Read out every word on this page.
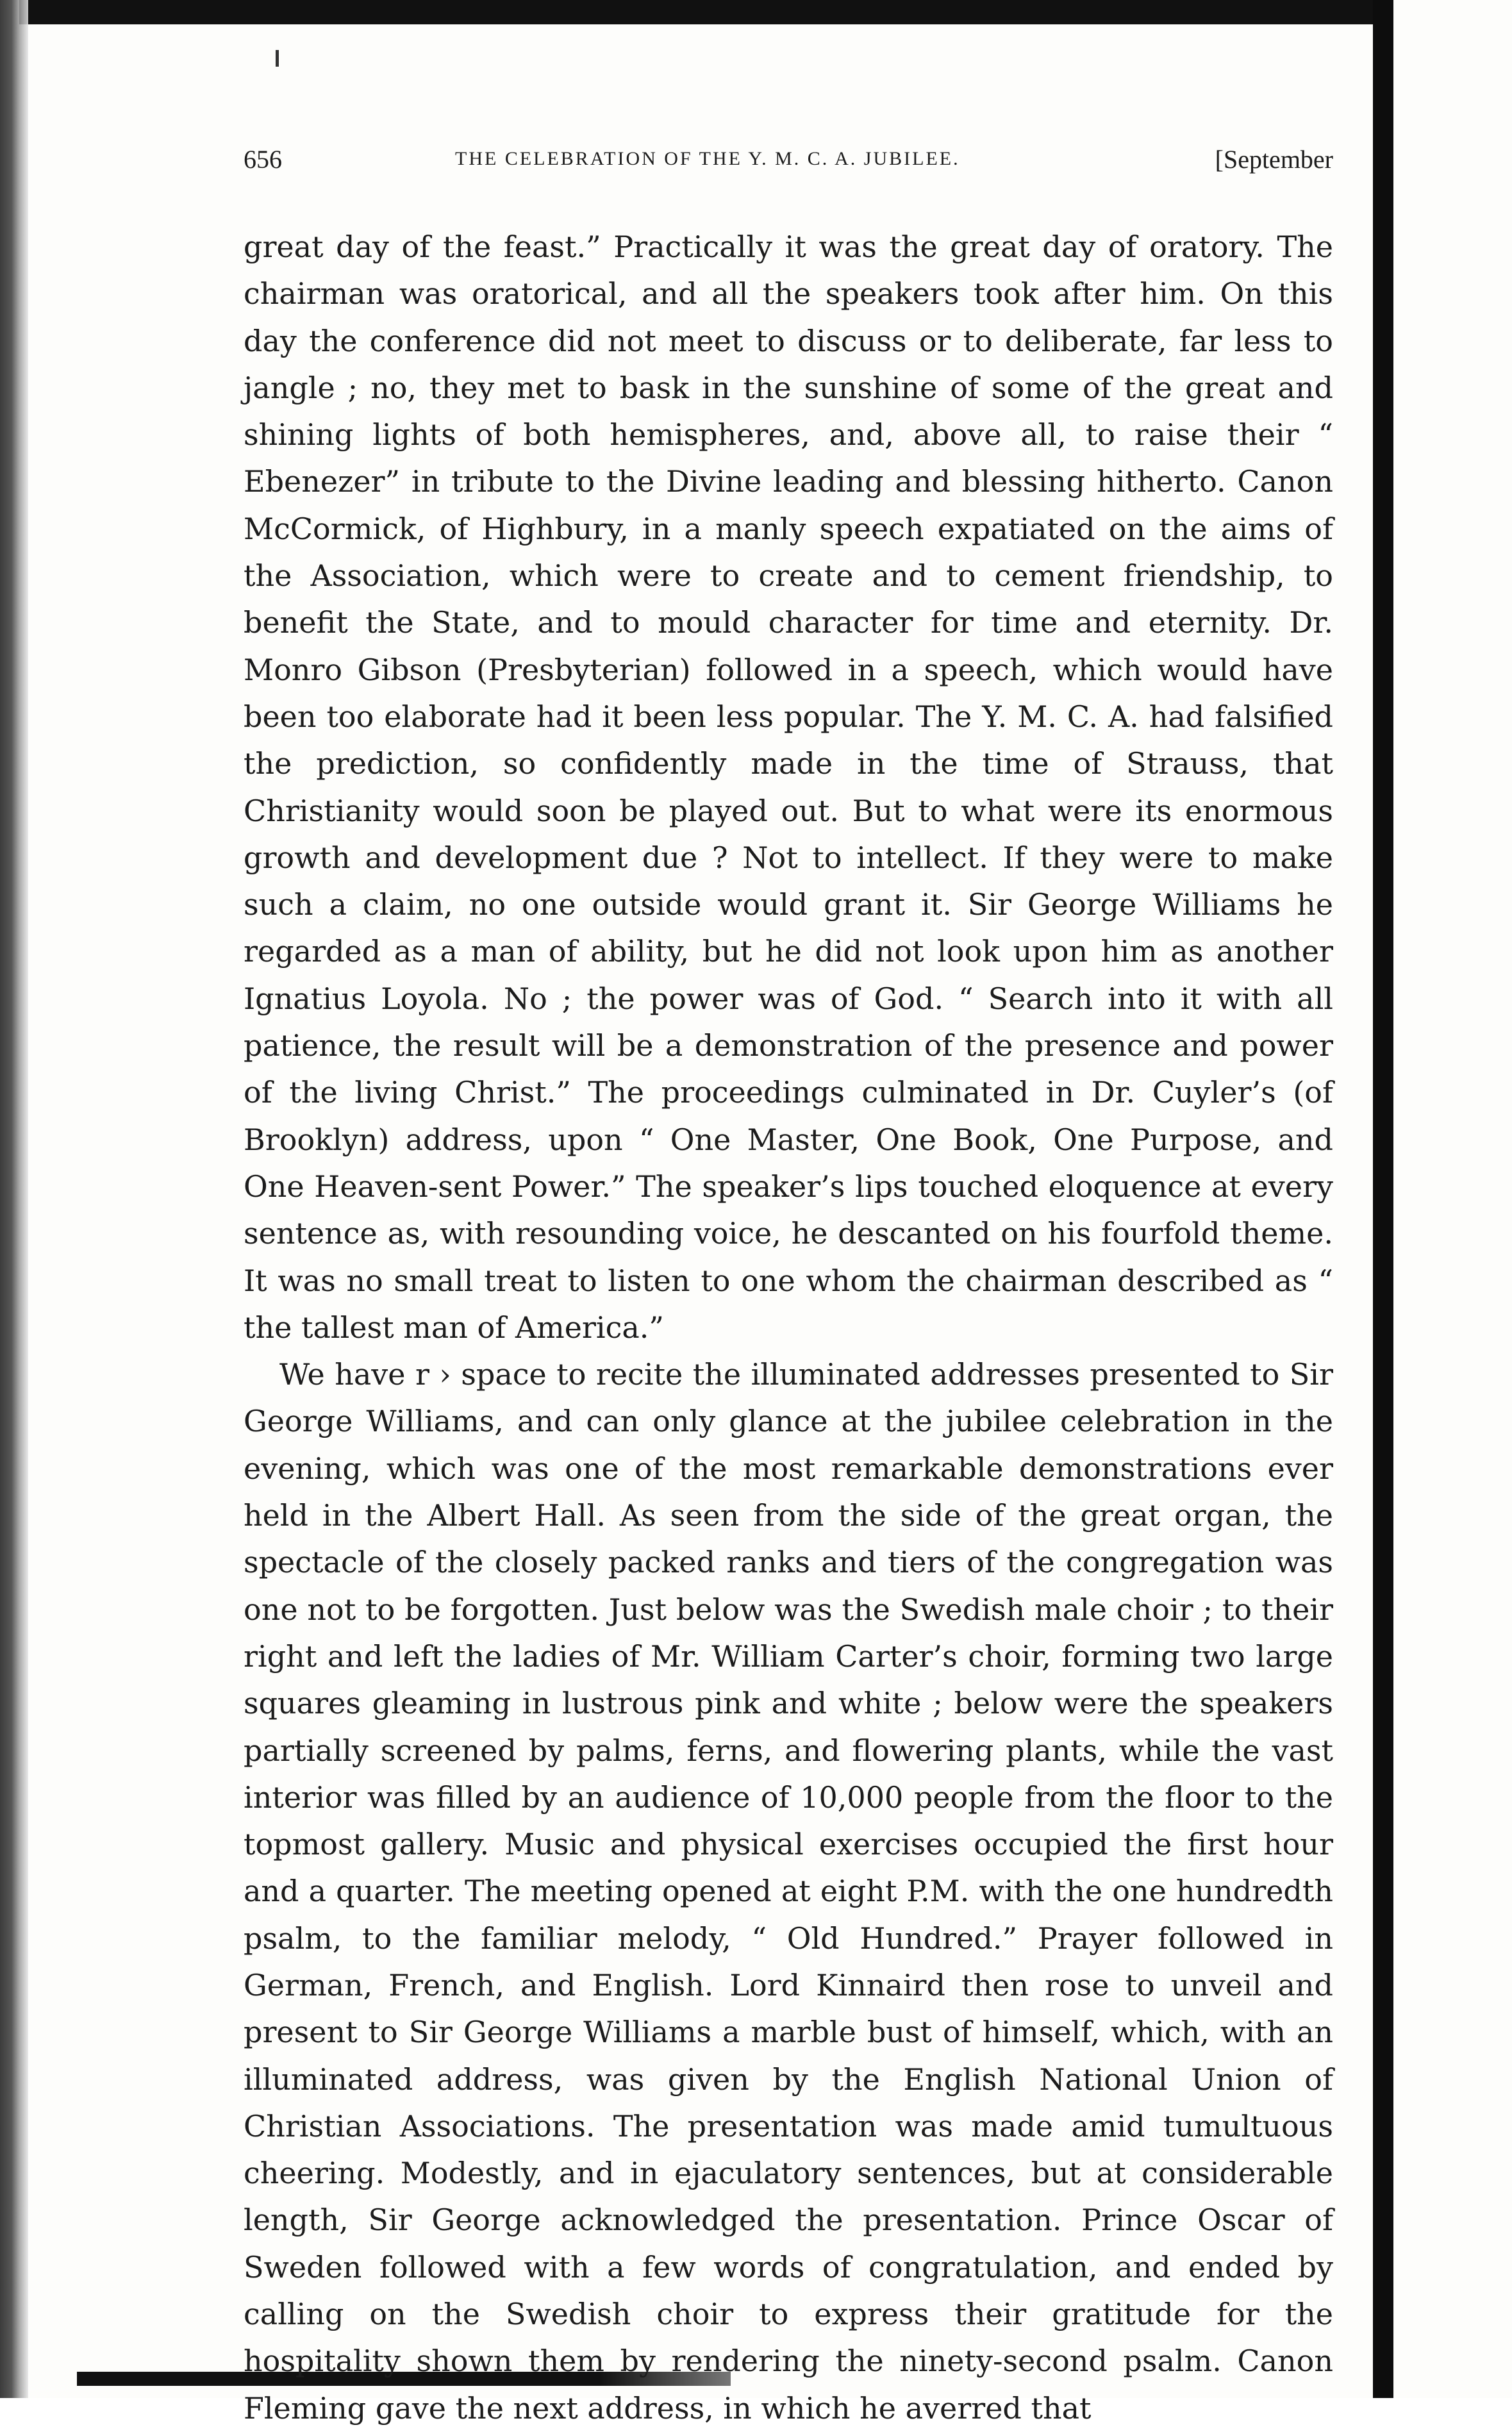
656	THE CELEBRATION OF THE Y. M. C. A. JUBILEE.	[September

great day of the feast.” Practically it was the great day of oratory. The chairman was oratorical, and all the speakers took after him. On this day the conference did not meet to discuss or to deliberate, far less to jangle ; no, they met to bask in the sunshine of some of the great and shining lights of both hemispheres, and, above all, to raise their “ Ebenezer” in tribute to the Divine leading and blessing hitherto. Canon McCormick, of Highbury, in a manly speech expatiated on the aims of the Association, which were to create and to cement friendship, to benefit the State, and to mould character for time and eternity. Dr. Monro Gibson (Presbyterian) followed in a speech, which would have been too elaborate had it been less popular. The Y. M. C. A. had falsified the prediction, so confidently made in the time of Strauss, that Christianity would soon be played out. But to what were its enormous growth and development due ? Not to intellect. If they were to make such a claim, no one outside would grant it. Sir George Williams he regarded as a man of ability, but he did not look upon him as another Ignatius Loyola. No ; the power was of God. “ Search into it with all patience, the result will be a demonstration of the presence and power of the living Christ.” The proceedings culminated in Dr. Cuyler’s (of Brooklyn) address, upon “ One Master, One Book, One Purpose, and One Heaven-sent Power.” The speaker’s lips touched eloquence at every sentence as, with resounding voice, he descanted on his fourfold theme. It was no small treat to listen to one whom the chairman described as “ the tallest man of America.”

We have r › space to recite the illuminated addresses presented to Sir George Williams, and can only glance at the jubilee celebration in the evening, which was one of the most remarkable demonstrations ever held in the Albert Hall. As seen from the side of the great organ, the spectacle of the closely packed ranks and tiers of the congregation was one not to be forgotten. Just below was the Swedish male choir ; to their right and left the ladies of Mr. William Carter’s choir, forming two large squares gleaming in lustrous pink and white ; below were the speakers partially screened by palms, ferns, and flowering plants, while the vast interior was filled by an audience of 10,000 people from the floor to the topmost gallery. Music and physical exercises occupied the first hour and a quarter. The meeting opened at eight P.M. with the one hundredth psalm, to the familiar melody, “ Old Hundred.” Prayer followed in German, French, and English. Lord Kinnaird then rose to unveil and present to Sir George Williams a marble bust of himself, which, with an illuminated address, was given by the English National Union of Christian Associations. The presentation was made amid tumultuous cheering. Modestly, and in ejaculatory sentences, but at considerable length, Sir George acknowledged the presentation. Prince Oscar of Sweden followed with a few words of congratulation, and ended by calling on the Swedish choir to express their gratitude for the hospitality shown them by rendering the ninety-second psalm. Canon Fleming gave the next address, in which he averred that
